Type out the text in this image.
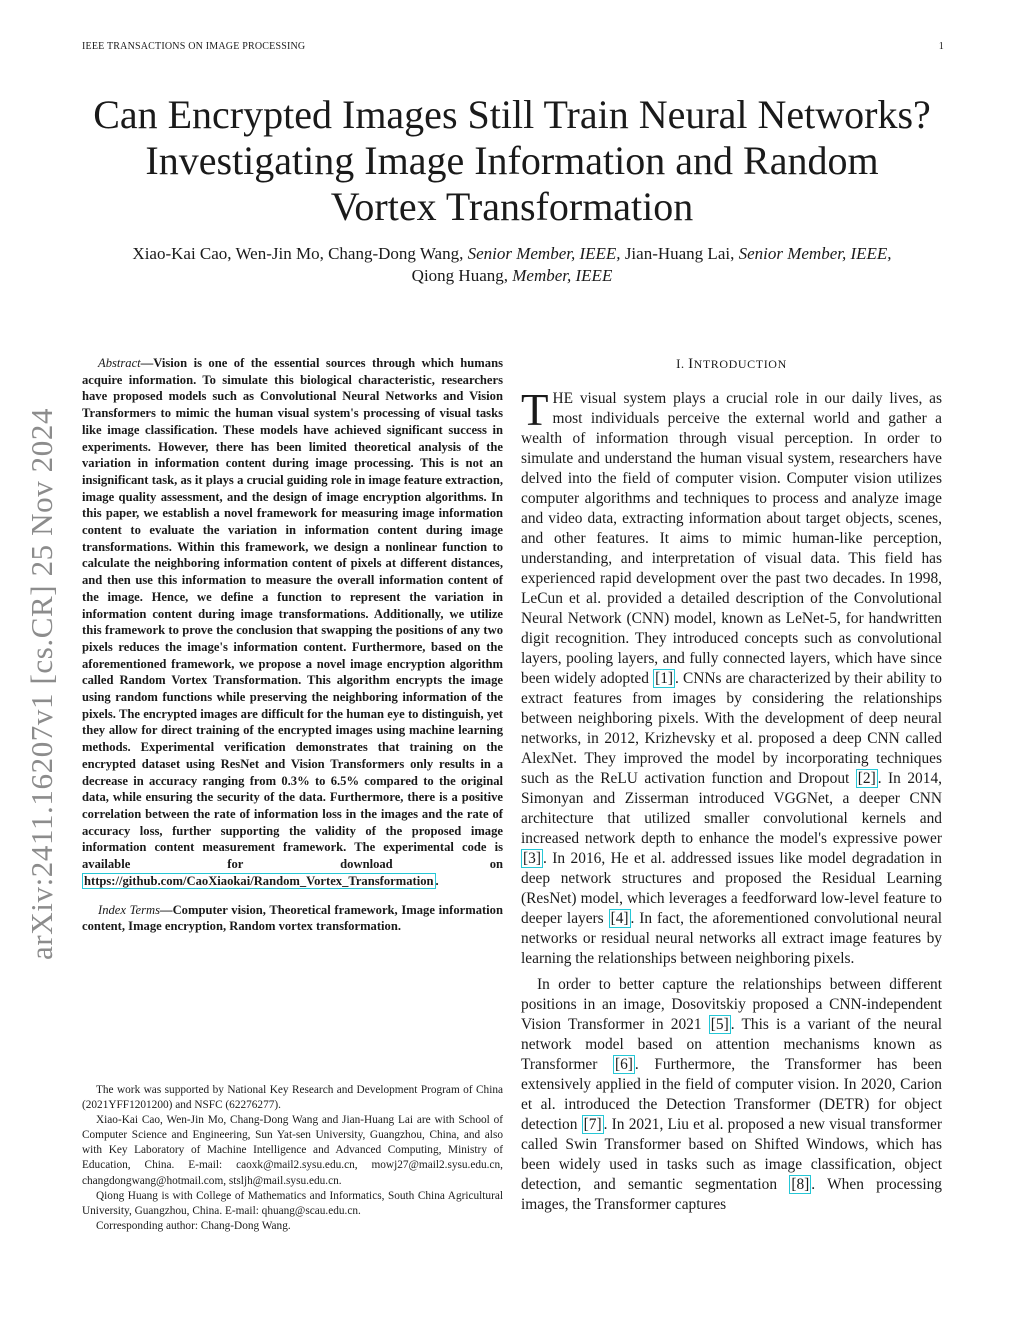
IEEE TRANSACTIONS ON IMAGE PROCESSING	1
arXiv:2411.16207v1 [cs.CR] 25 Nov 2024
Can Encrypted Images Still Train Neural Networks?
Investigating Image Information and Random
Vortex Transformation
Xiao-Kai Cao, Wen-Jin Mo, Chang-Dong Wang, Senior Member, IEEE, Jian-Huang Lai, Senior Member, IEEE,
Qiong Huang, Member, IEEE

Abstract—Vision is one of the essential sources through which humans acquire information. To simulate this biological characteristic, researchers have proposed models such as Convolutional Neural Networks and Vision Transformers to mimic the human visual system's processing of visual tasks like image classification. These models have achieved significant success in experiments. However, there has been limited theoretical analysis of the variation in information content during image processing. This is not an insignificant task, as it plays a crucial guiding role in image feature extraction, image quality assessment, and the design of image encryption algorithms. In this paper, we establish a novel framework for measuring image information content to evaluate the variation in information content during image transformations. Within this framework, we design a nonlinear function to calculate the neighboring information content of pixels at different distances, and then use this information to measure the overall information content of the image. Hence, we define a function to represent the variation in information content during image transformations. Additionally, we utilize this framework to prove the conclusion that swapping the positions of any two pixels reduces the image's information content. Furthermore, based on the aforementioned framework, we propose a novel image encryption algorithm called Random Vortex Transformation. This algorithm encrypts the image using random functions while preserving the neighboring information of the pixels. The encrypted images are difficult for the human eye to distinguish, yet they allow for direct training of the encrypted images using machine learning methods. Experimental verification demonstrates that training on the encrypted dataset using ResNet and Vision Transformers only results in a decrease in accuracy ranging from 0.3% to 6.5% compared to the original data, while ensuring the security of the data. Furthermore, there is a positive correlation between the rate of information loss in the images and the rate of accuracy loss, further supporting the validity of the proposed image information content measurement framework. The experimental code is available for download on https://github.com/CaoXiaokai/Random_Vortex_Transformation .

Index Terms—Computer vision, Theoretical framework, Image information content, Image encryption, Random vortex transformation.

The work was supported by National Key Research and Development Program of China (2021YFF1201200) and NSFC (62276277).

Xiao-Kai Cao, Wen-Jin Mo, Chang-Dong Wang and Jian-Huang Lai are with School of Computer Science and Engineering, Sun Yat-sen University, Guangzhou, China, and also with Key Laboratory of Machine Intelligence and Advanced Computing, Ministry of Education, China. E-mail: caoxk@mail2.sysu.edu.cn, mowj27@mail2.sysu.edu.cn, changdongwang@hotmail.com, stsljh@mail.sysu.edu.cn.

Qiong Huang is with College of Mathematics and Informatics, South China Agricultural University, Guangzhou, China. E-mail: qhuang@scau.edu.cn.

Corresponding author: Chang-Dong Wang.

I. INTRODUCTION

THE visual system plays a crucial role in our daily lives, as most individuals perceive the external world and gather a wealth of information through visual perception. In order to simulate and understand the human visual system, researchers have delved into the field of computer vision. Computer vision utilizes computer algorithms and techniques to process and analyze image and video data, extracting information about target objects, scenes, and other features. It aims to mimic human-like perception, understanding, and interpretation of visual data. This field has experienced rapid development over the past two decades. In 1998, LeCun et al. provided a detailed description of the Convolutional Neural Network (CNN) model, known as LeNet-5, for handwritten digit recognition. They introduced concepts such as convolutional layers, pooling layers, and fully connected layers, which have since been widely adopted [1] . CNNs are characterized by their ability to extract features from images by considering the relationships between neighboring pixels. With the development of deep neural networks, in 2012, Krizhevsky et al. proposed a deep CNN called AlexNet. They improved the model by incorporating techniques such as the ReLU activation function and Dropout [2] . In 2014, Simonyan and Zisserman introduced VGGNet, a deeper CNN architecture that utilized smaller convolutional kernels and increased network depth to enhance the model's expressive power [3] . In 2016, He et al. addressed issues like model degradation in deep network structures and proposed the Residual Learning (ResNet) model, which leverages a feedforward low-level feature to deeper layers [4] . In fact, the aforementioned convolutional neural networks or residual neural networks all extract image features by learning the relationships between neighboring pixels.

In order to better capture the relationships between different positions in an image, Dosovitskiy proposed a CNN-independent Vision Transformer in 2021 [5] . This is a variant of the neural network model based on attention mechanisms known as Transformer [6] . Furthermore, the Transformer has been extensively applied in the field of computer vision. In 2020, Carion et al. introduced the Detection Transformer (DETR) for object detection [7] . In 2021, Liu et al. proposed a new visual transformer called Swin Transformer based on Shifted Windows, which has been widely used in tasks such as image classification, object detection, and semantic segmentation [8] . When processing images, the Transformer captures
